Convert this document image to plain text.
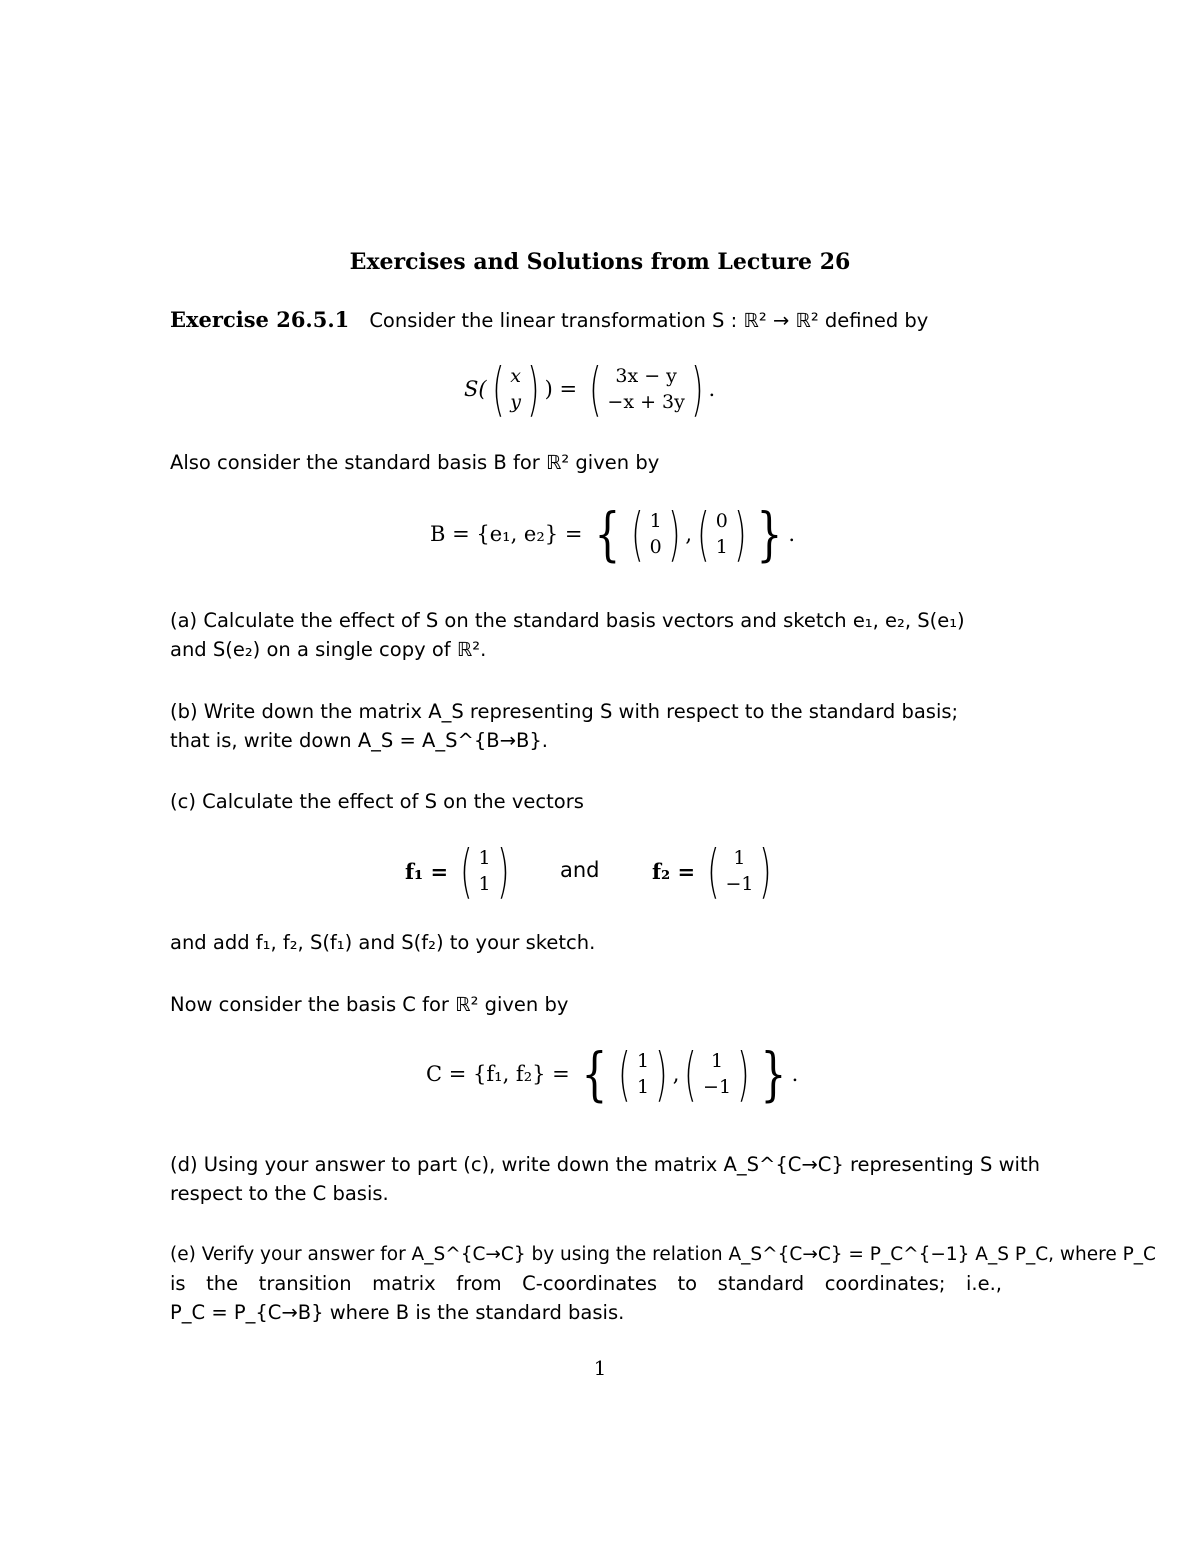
Exercises and Solutions from Lecture 26
Exercise 26.5.1 Consider the linear transformation S : ℝ² → ℝ² defined by
S( ( x
y ) ) =
( 3x − y
−x + 3y ) .
Also consider the standard basis B for ℝ² given by
B = {e₁, e₂} =
{ ( 1
0 ) , ( 0
1 ) } .
(a) Calculate the effect of S on the standard basis vectors and sketch e₁, e₂, S(e₁)
and S(e₂) on a single copy of ℝ².
(b) Write down the matrix A_S representing S with respect to the standard basis;
that is, write down A_S = A_S^{B→B}.
(c) Calculate the effect of S on the vectors
f₁ =
( 1
1 ) and f₂ =
( 1
−1 )
and add f₁, f₂, S(f₁) and S(f₂) to your sketch.
Now consider the basis C for ℝ² given by
C = {f₁, f₂} =
{ ( 1
1 ) , ( 1
−1 ) } .
(d) Using your answer to part (c), write down the matrix A_S^{C→C} representing S with
respect to the C basis.
(e) Verify your answer for A_S^{C→C} by using the relation A_S^{C→C} = P_C^{−1} A_S P_C, where P_C
is the transition matrix from C-coordinates to standard coordinates; i.e.,
P_C = P_{C→B} where B is the standard basis.
1
